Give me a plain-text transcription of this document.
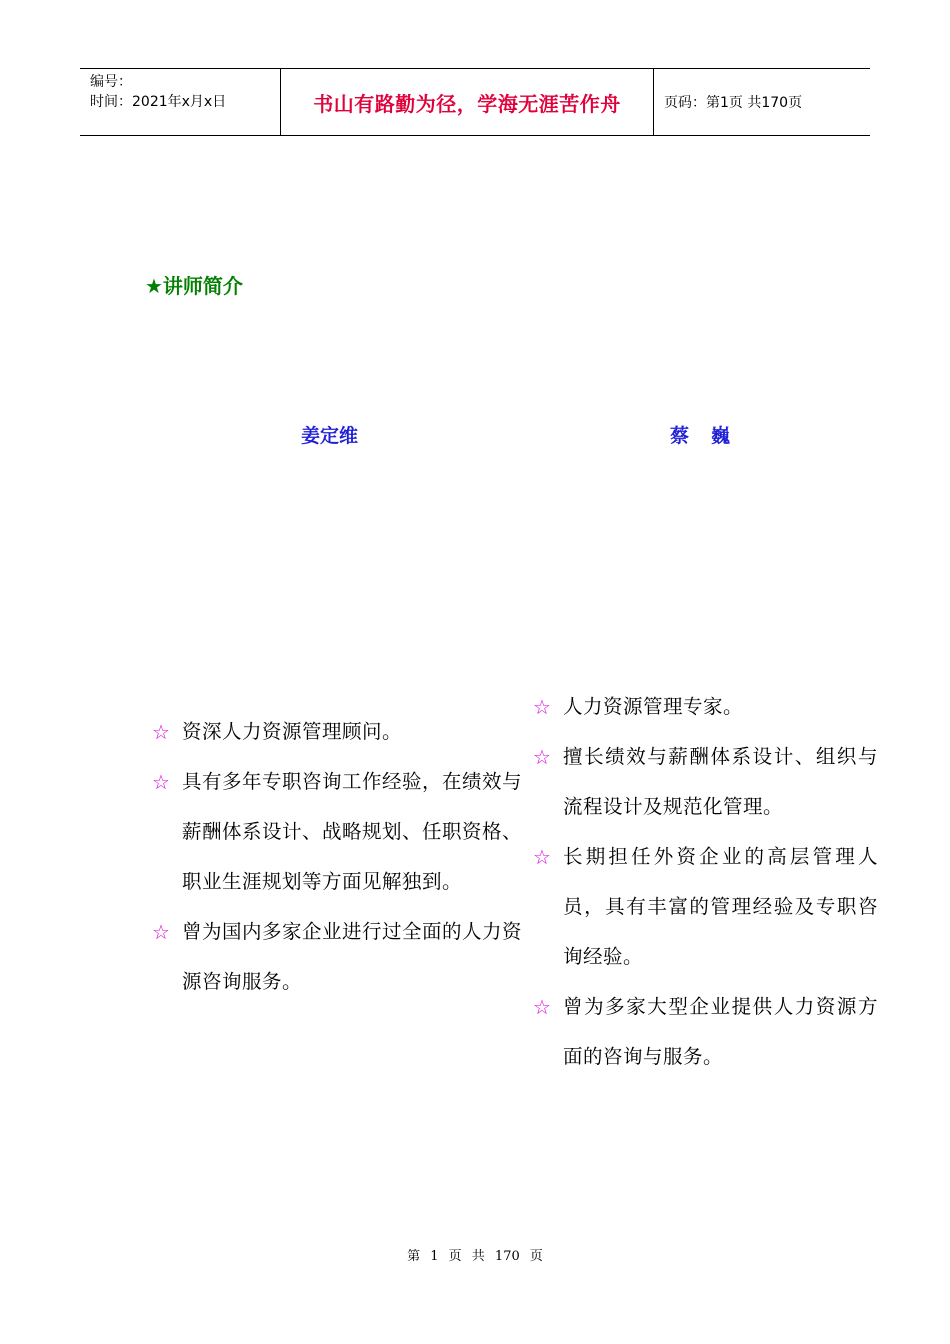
编号：
时间：2021年x月x日	书山有路勤为径，学海无涯苦作舟	页码：第1页 共170页
★讲师简介
姜定维	蔡巍
☆ 资深人力资源管理顾问。
☆ 具有多年专职咨询工作经验，在绩效与薪酬体系设计、战略规划、任职资格、职业生涯规划等方面见解独到。
☆ 曾为国内多家企业进行过全面的人力资源咨询服务。
☆ 人力资源管理专家。
☆ 擅长绩效与薪酬体系设计、组织与流程设计及规范化管理。
☆ 长期担任外资企业的高层管理人员，具有丰富的管理经验及专职咨询经验。
☆ 曾为多家大型企业提供人力资源方面的咨询与服务。
第 1 页 共 170 页
